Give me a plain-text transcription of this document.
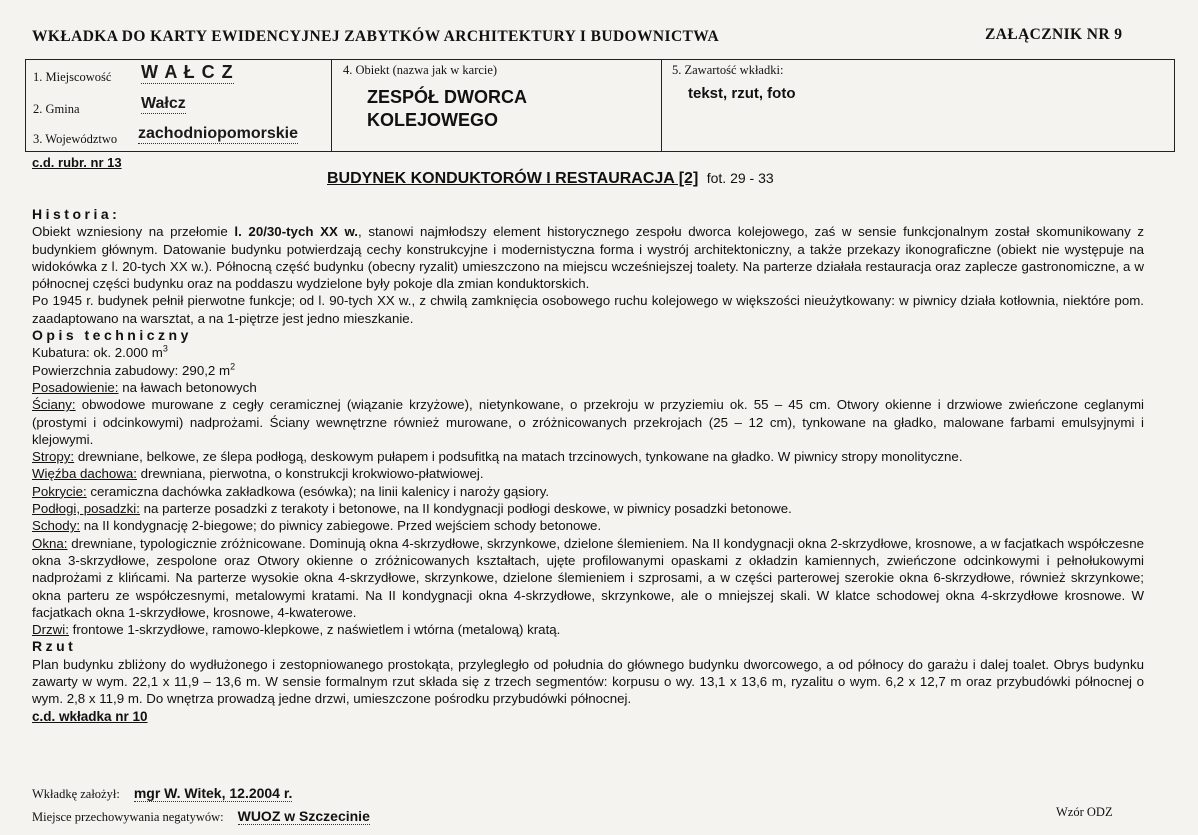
WKŁADKA DO KARTY EWIDENCYJNEJ ZABYTKÓW ARCHITEKTURY I BUDOWNICTWA	ZAŁĄCZNIK NR 9
1. Miejscowość W A Ł C Z
2. Gmina	Wałcz
3. Województwo zachodniopomorskie
4. Obiekt (nazwa jak w karcie)
ZESPÓŁ DWORCA
KOLEJOWEGO
5. Zawartość wkładki:
tekst, rzut, foto
c.d. rubr. nr 13
BUDYNEK KONDUKTORÓW I RESTAURACJA [2] fot. 29 - 33
Historia:

Obiekt wzniesiony na przełomie l. 20/30-tych XX w., stanowi najmłodszy element historycznego zespołu dworca kolejowego, zaś w sensie funkcjonalnym został skomunikowany z budynkiem głównym. Datowanie budynku potwierdzają cechy konstrukcyjne i modernistyczna forma i wystrój architektoniczny, a także przekazy ikonograficzne (obiekt nie występuje na widokówka z l. 20-tych XX w.). Północną część budynku (obecny ryzalit) umieszczono na miejscu wcześniejszej toalety. Na parterze działała restauracja oraz zaplecze gastronomiczne, a w północnej części budynku oraz na poddaszu wydzielone były pokoje dla zmian konduktorskich.

Po 1945 r. budynek pełnił pierwotne funkcje; od l. 90-tych XX w., z chwilą zamknięcia osobowego ruchu kolejowego w większości nieużytkowany: w piwnicy działa kotłownia, niektóre pom. zaadaptowano na warsztat, a na 1-piętrze jest jedno mieszkanie.

Opis techniczny
Kubatura: ok. 2.000 $m^3$
Powierzchnia zabudowy: 290,2 $m^2$

Posadowienie: na ławach betonowych

Ściany: obwodowe murowane z cegły ceramicznej (wiązanie krzyżowe), nietynkowane, o przekroju w przyziemiu ok. 55 – 45 cm. Otwory okienne i drzwiowe zwieńczone ceglanymi (prostymi i odcinkowymi) nadprożami. Ściany wewnętrzne również murowane, o zróżnicowanych przekrojach (25 – 12 cm), tynkowane na gładko, malowane farbami emulsyjnymi i klejowymi.

Stropy: drewniane, belkowe, ze ślepa podłogą, deskowym pułapem i podsufitką na matach trzcinowych, tynkowane na gładko. W piwnicy stropy monolityczne.

Więźba dachowa: drewniana, pierwotna, o konstrukcji krokwiowo-płatwiowej.

Pokrycie: ceramiczna dachówka zakładkowa (esówka); na linii kalenicy i naroży gąsiory.

Podłogi, posadzki: na parterze posadzki z terakoty i betonowe, na II kondygnacji podłogi deskowe, w piwnicy posadzki betonowe.

Schody: na II kondygnację 2-biegowe; do piwnicy zabiegowe. Przed wejściem schody betonowe.

Okna: drewniane, typologicznie zróżnicowane. Dominują okna 4-skrzydłowe, skrzynkowe, dzielone ślemieniem. Na II kondygnacji okna 2-skrzydłowe, krosnowe, a w facjatkach współczesne okna 3-skrzydłowe, zespolone oraz Otwory okienne o zróżnicowanych kształtach, ujęte profilowanymi opaskami z okładzin kamiennych, zwieńczone odcinkowymi i pełnołukowymi nadprożami z klińcami. Na parterze wysokie okna 4-skrzydłowe, skrzynkowe, dzielone ślemieniem i szprosami, a w części parterowej szerokie okna 6-skrzydłowe, również skrzynkowe; okna parteru ze współczesnymi, metalowymi kratami. Na II kondygnacji okna 4-skrzydłowe, skrzynkowe, ale o mniejszej skali. W klatce schodowej okna 4-skrzydłowe krosnowe. W facjatkach okna 1-skrzydłowe, krosnowe, 4-kwaterowe.

Drzwi: frontowe 1-skrzydłowe, ramowo-klepkowe, z naświetlem i wtórna (metalową) kratą.

Rzut

Plan budynku zbliżony do wydłużonego i zestopniowanego prostokąta, przylegległo od południa do głównego budynku dworcowego, a od północy do garażu i dalej toalet. Obrys budynku zawarty w wym. 22,1 x 11,9 – 13,6 m. W sensie formalnym rzut składa się z trzech segmentów: korpusu o wy. 13,1 x 13,6 m, ryzalitu o wym. 6,2 x 12,7 m oraz przybudówki północnej o wym. 2,8 x 11,9 m. Do wnętrza prowadzą jedne drzwi, umieszczone pośrodku przybudówki północnej.

c.d. wkładka nr 10
Wkładkę założył: mgr W. Witek, 12.2004 r.
Miejsce przechowywania negatywów: WUOZ w Szczecinie	Wzór ODZ
